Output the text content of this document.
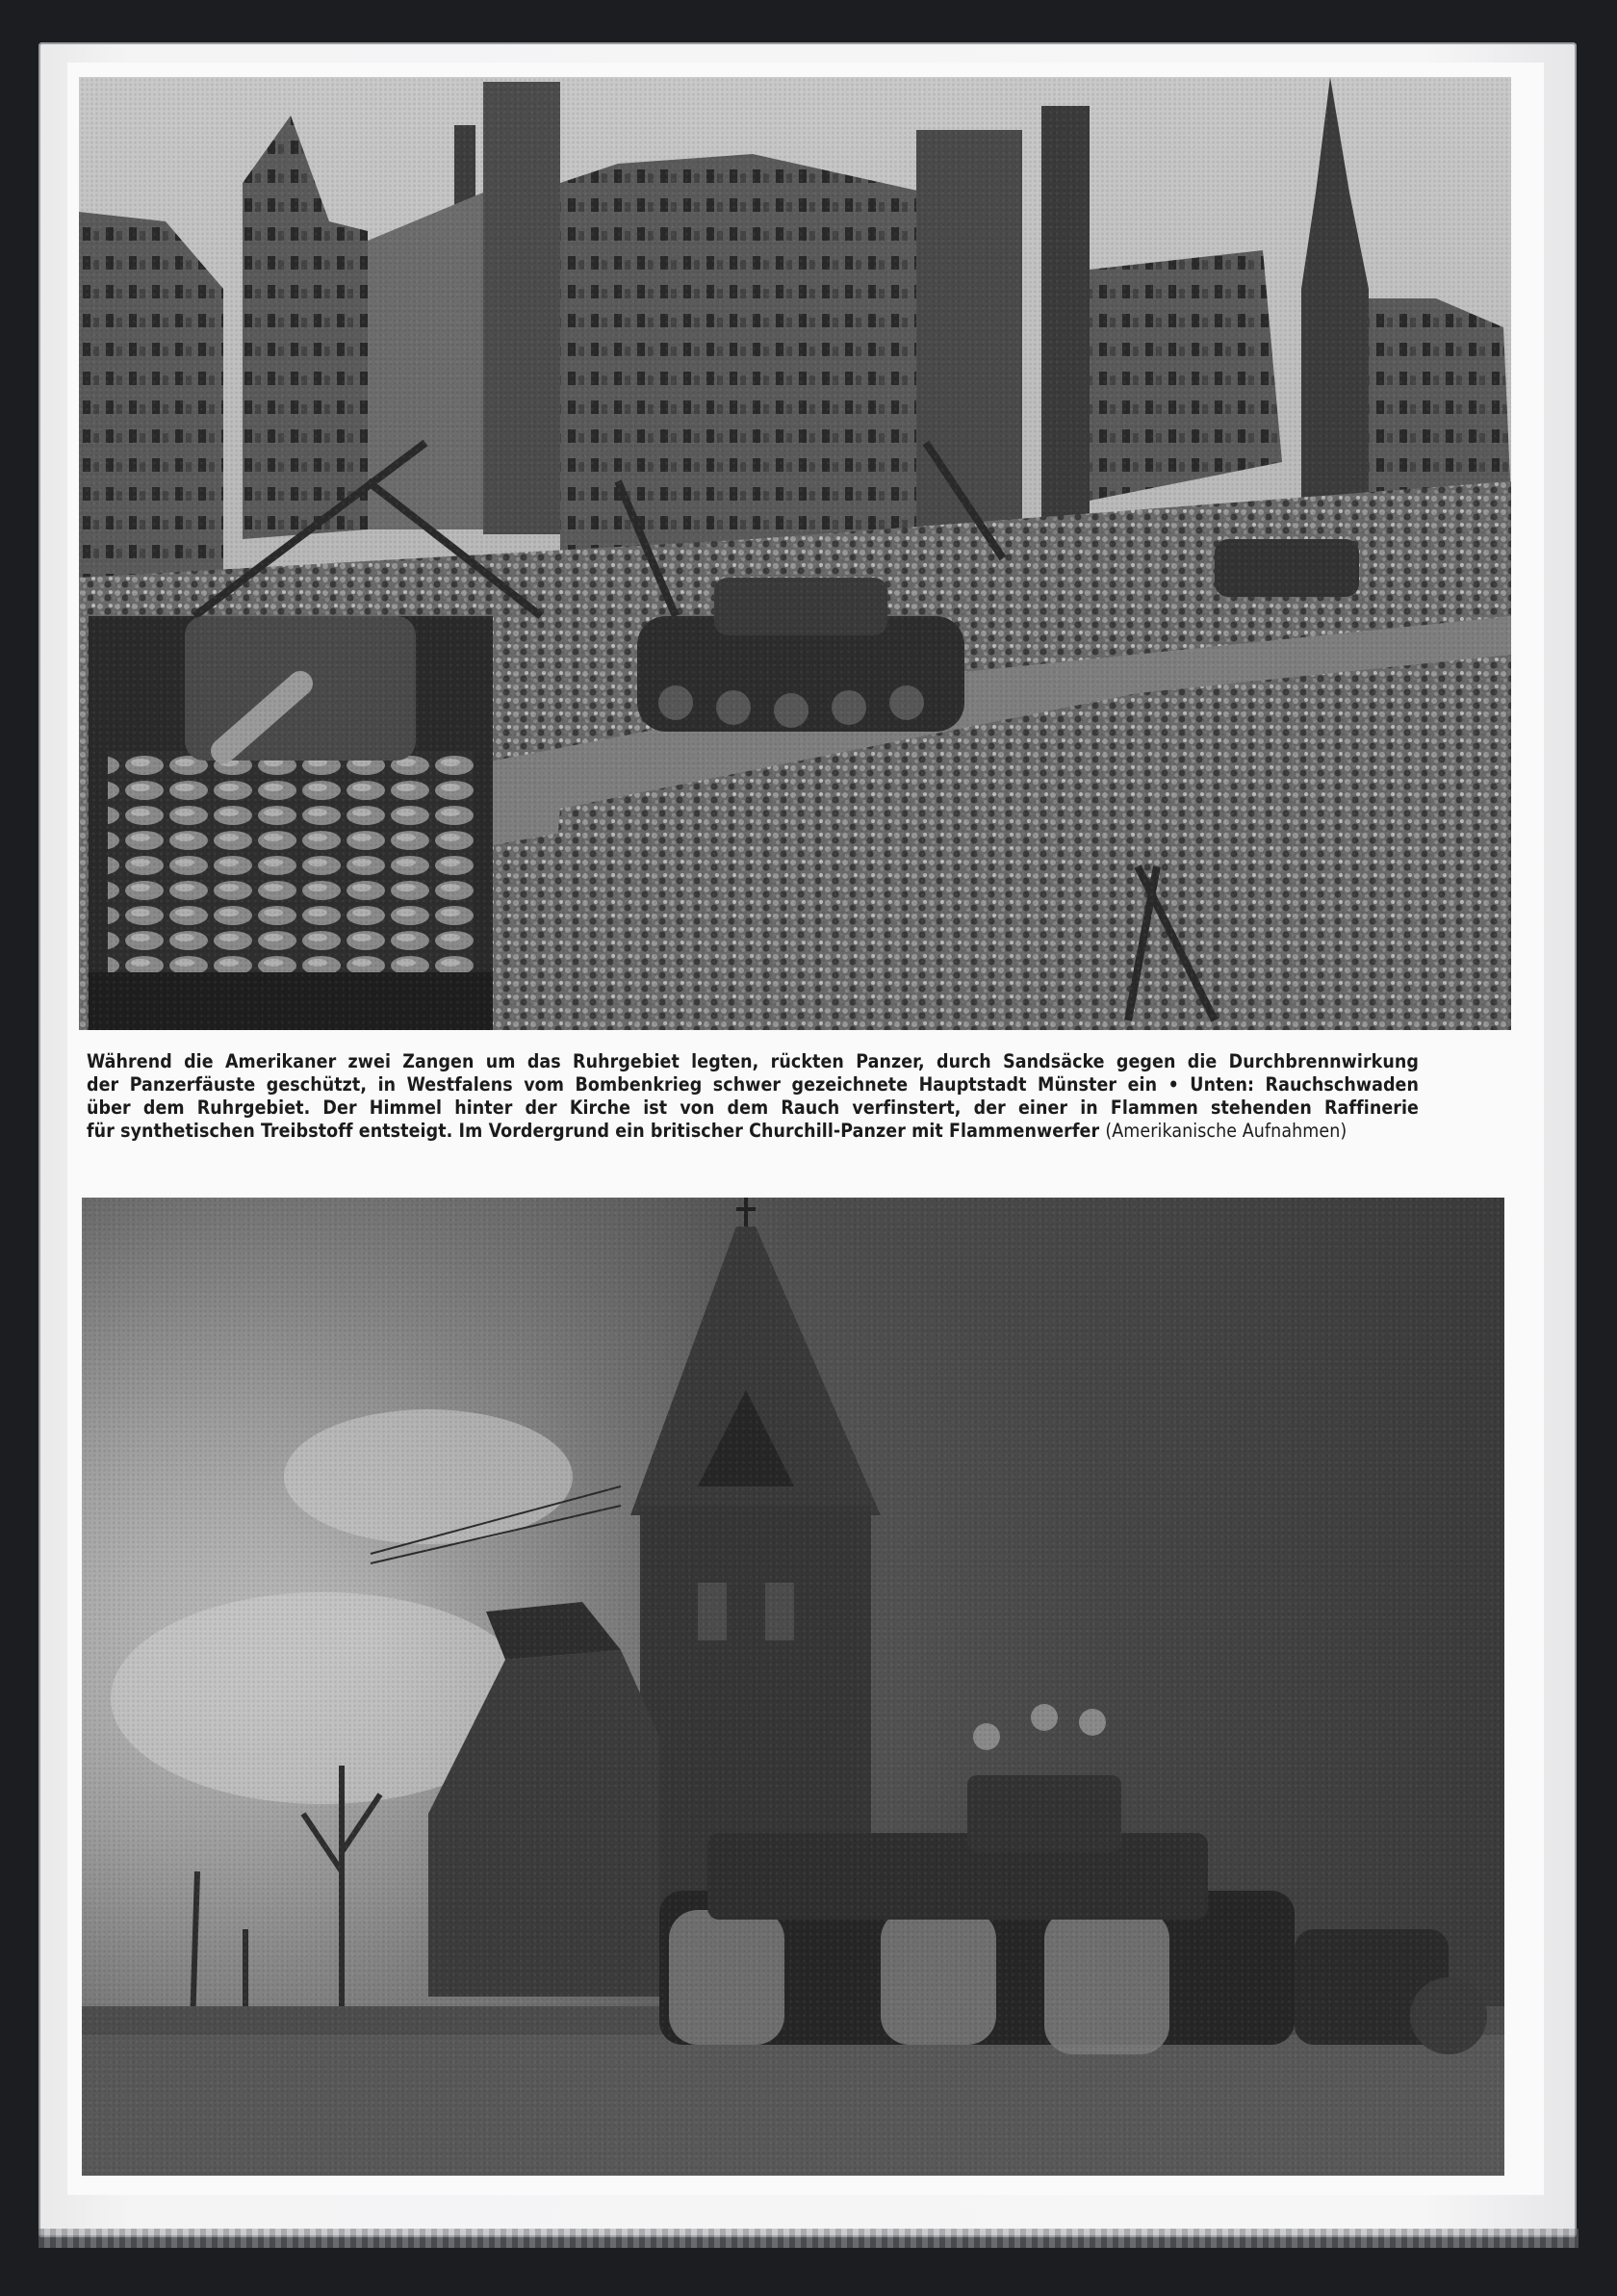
Während die Amerikaner zwei Zangen um das Ruhrgebiet legten, rückten Panzer, durch Sandsäcke gegen die Durchbrennwirkung
der Panzerfäuste geschützt, in Westfalens vom Bombenkrieg schwer gezeichnete Hauptstadt Münster ein • Unten: Rauchschwaden
über dem Ruhrgebiet. Der Himmel hinter der Kirche ist von dem Rauch verfinstert, der einer in Flammen stehenden Raffinerie
für synthetischen Treibstoff entsteigt. Im Vordergrund ein britischer Churchill-Panzer mit Flammenwerfer (Amerikanische Aufnahmen)
